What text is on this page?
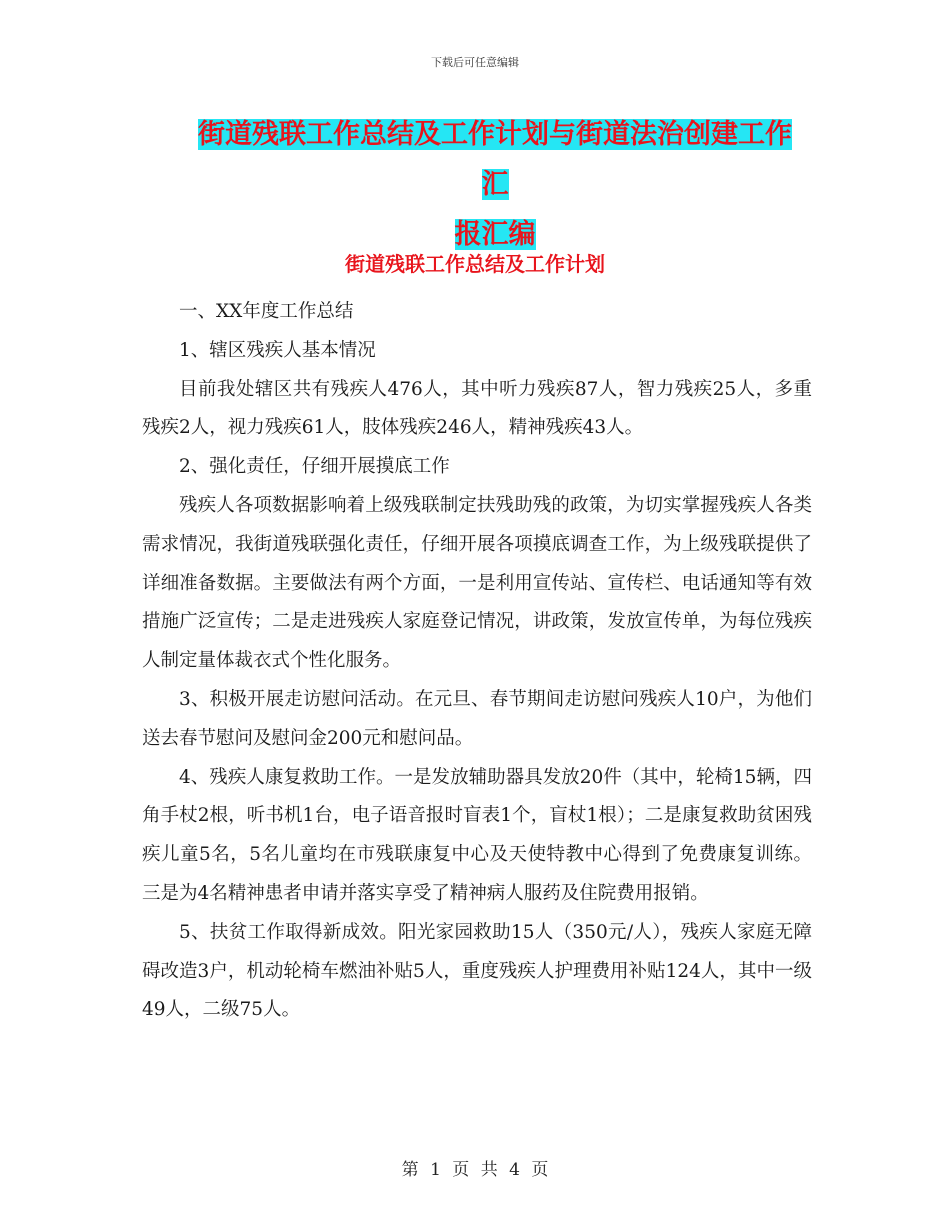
下载后可任意编辑
街道残联工作总结及工作计划与街道法治创建工作汇
报汇编
街道残联工作总结及工作计划

一、XX年度工作总结

1、辖区残疾人基本情况

目前我处辖区共有残疾人476人，其中听力残疾87人，智力残疾25人，多重残疾2人，视力残疾61人，肢体残疾246人，精神残疾43人。

2、强化责任，仔细开展摸底工作

残疾人各项数据影响着上级残联制定扶残助残的政策，为切实掌握残疾人各类需求情况，我街道残联强化责任，仔细开展各项摸底调查工作，为上级残联提供了详细准备数据。主要做法有两个方面，一是利用宣传站、宣传栏、电话通知等有效措施广泛宣传；二是走进残疾人家庭登记情况，讲政策，发放宣传单，为每位残疾人制定量体裁衣式个性化服务。

3、积极开展走访慰问活动。在元旦、春节期间走访慰问残疾人10户，为他们送去春节慰问及慰问金200元和慰问品。

4、残疾人康复救助工作。一是发放辅助器具发放20件（其中，轮椅15辆，四角手杖2根，听书机1台，电子语音报时盲表1个，盲杖1根）；二是康复救助贫困残疾儿童5名，5名儿童均在市残联康复中心及天使特教中心得到了免费康复训练。三是为4名精神患者申请并落实享受了精神病人服药及住院费用报销。

5、扶贫工作取得新成效。阳光家园救助15人（350元/人），残疾人家庭无障碍改造3户，机动轮椅车燃油补贴5人，重度残疾人护理费用补贴124人，其中一级49人，二级75人。

第 1 页 共 4 页
